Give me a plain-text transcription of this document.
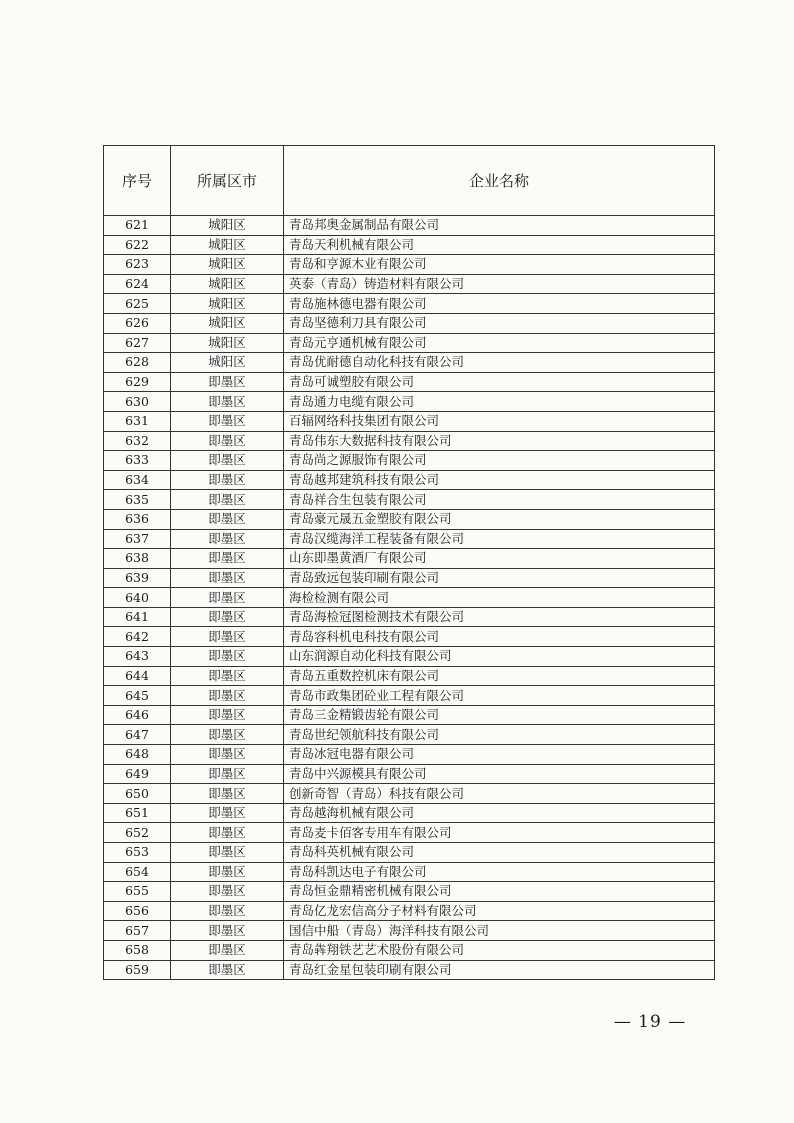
序号	所属区市	企业名称
621	城阳区	青岛邦奥金属制品有限公司
622	城阳区	青岛天利机械有限公司
623	城阳区	青岛和亨源木业有限公司
624	城阳区	英泰（青岛）铸造材料有限公司
625	城阳区	青岛施林德电器有限公司
626	城阳区	青岛坚德利刀具有限公司
627	城阳区	青岛元亨通机械有限公司
628	城阳区	青岛优耐德自动化科技有限公司
629	即墨区	青岛可诚塑胶有限公司
630	即墨区	青岛通力电缆有限公司
631	即墨区	百辐网络科技集团有限公司
632	即墨区	青岛伟东大数据科技有限公司
633	即墨区	青岛尚之源服饰有限公司
634	即墨区	青岛越邦建筑科技有限公司
635	即墨区	青岛祥合生包装有限公司
636	即墨区	青岛豪元晟五金塑胶有限公司
637	即墨区	青岛汉缆海洋工程装备有限公司
638	即墨区	山东即墨黄酒厂有限公司
639	即墨区	青岛致远包装印刷有限公司
640	即墨区	海检检测有限公司
641	即墨区	青岛海检冠图检测技术有限公司
642	即墨区	青岛容科机电科技有限公司
643	即墨区	山东润源自动化科技有限公司
644	即墨区	青岛五重数控机床有限公司
645	即墨区	青岛市政集团砼业工程有限公司
646	即墨区	青岛三金精锻齿轮有限公司
647	即墨区	青岛世纪领航科技有限公司
648	即墨区	青岛冰冠电器有限公司
649	即墨区	青岛中兴源模具有限公司
650	即墨区	创新奇智（青岛）科技有限公司
651	即墨区	青岛越海机械有限公司
652	即墨区	青岛麦卡佰客专用车有限公司
653	即墨区	青岛科英机械有限公司
654	即墨区	青岛科凯达电子有限公司
655	即墨区	青岛恒金鼎精密机械有限公司
656	即墨区	青岛亿龙宏信高分子材料有限公司
657	即墨区	国信中船（青岛）海洋科技有限公司
658	即墨区	青岛犇翔铁艺艺术股份有限公司
659	即墨区	青岛红金星包装印刷有限公司
— 19 —
